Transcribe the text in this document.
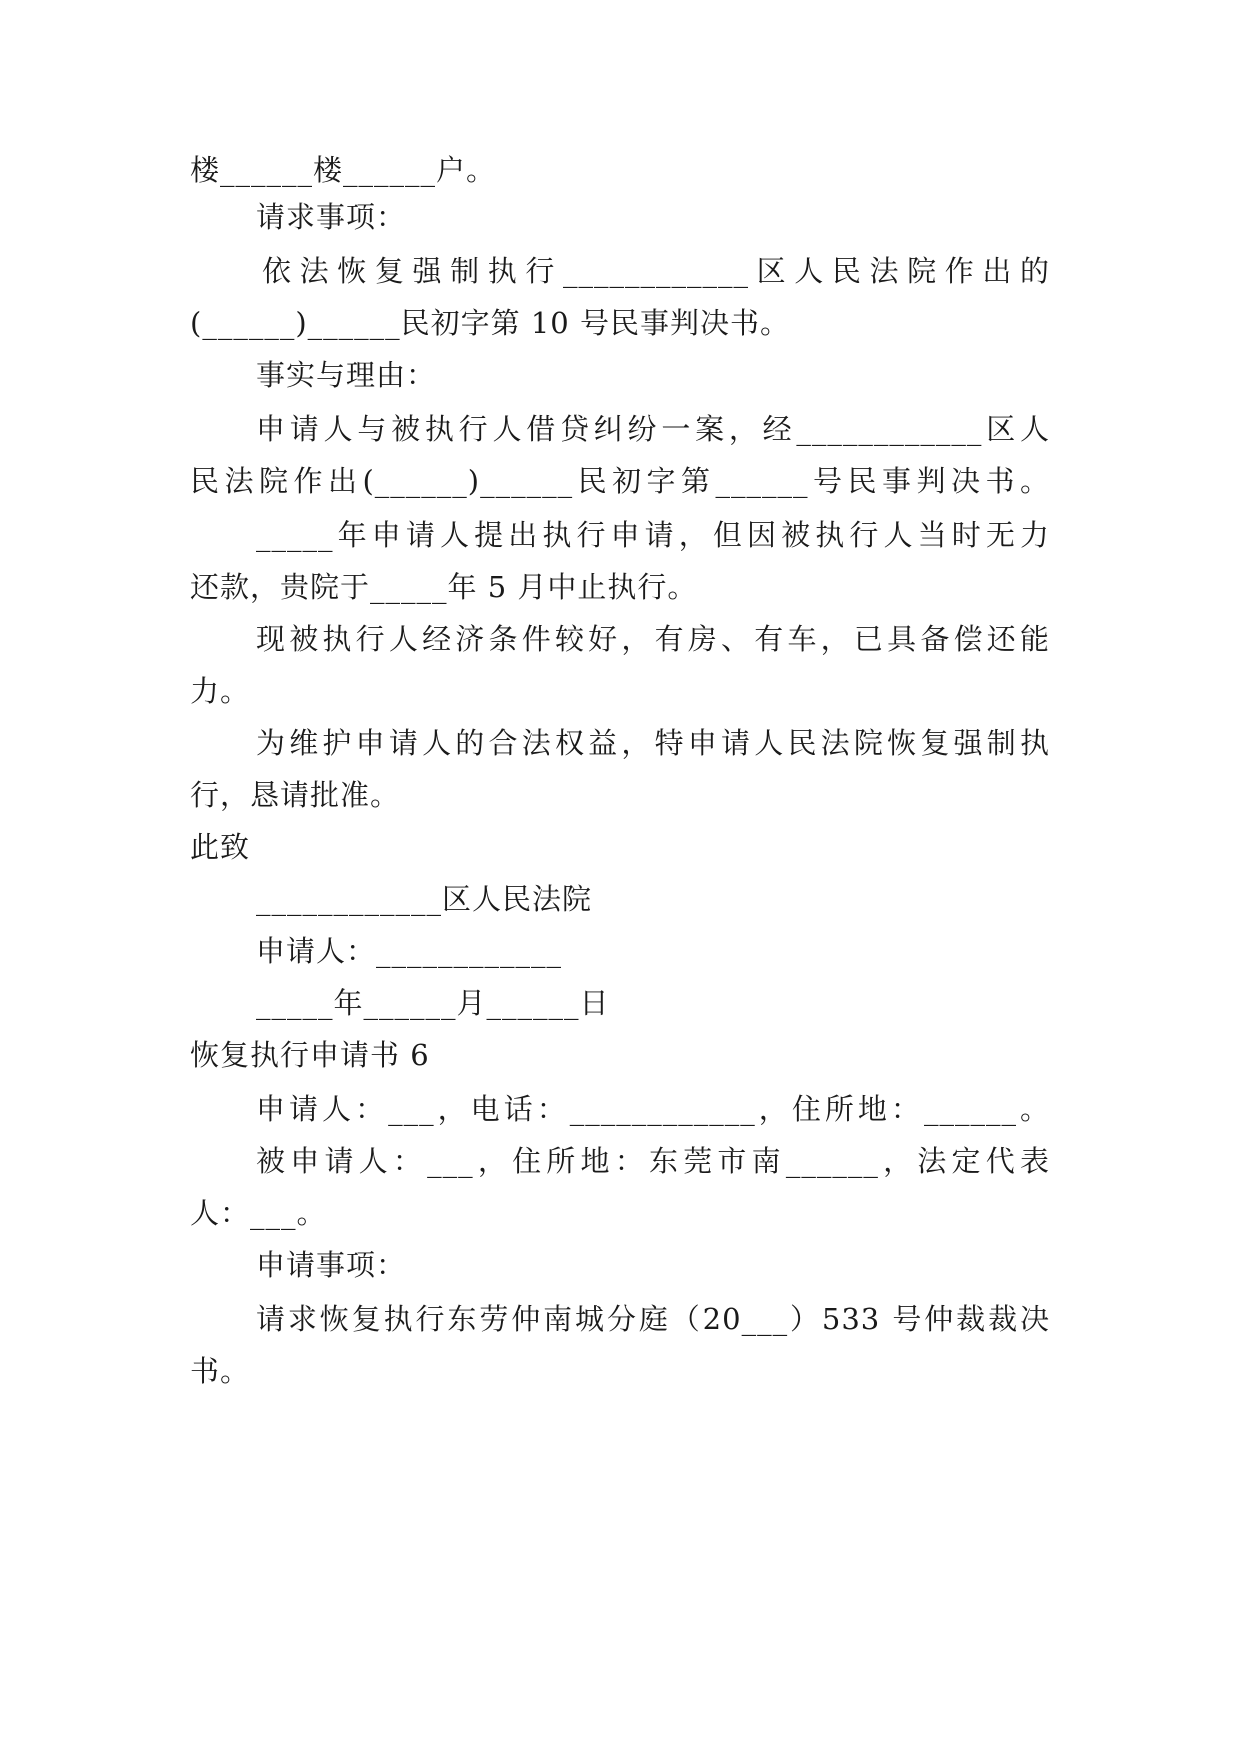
楼______楼______户。
请求事项：
依法恢复强制执行____________区人民法院作出的
(______)______民初字第 10 号民事判决书。
事实与理由：
申请人与被执行人借贷纠纷一案，经____________区人
民法院作出(______)______民初字第______号民事判决书。
_____年申请人提出执行申请，但因被执行人当时无力
还款，贵院于_____年 5 月中止执行。
现被执行人经济条件较好，有房、有车，已具备偿还能
力。
为维护申请人的合法权益，特申请人民法院恢复强制执
行，恳请批准。
此致
____________区人民法院
申请人：____________
_____年______月______日
恢复执行申请书 6
申请人：___，电话：____________，住所地：______。
被申请人：___，住所地：东莞市南______，法定代表
人：___。
申请事项：
请求恢复执行东劳仲南城分庭（20___）533 号仲裁裁决
书。
